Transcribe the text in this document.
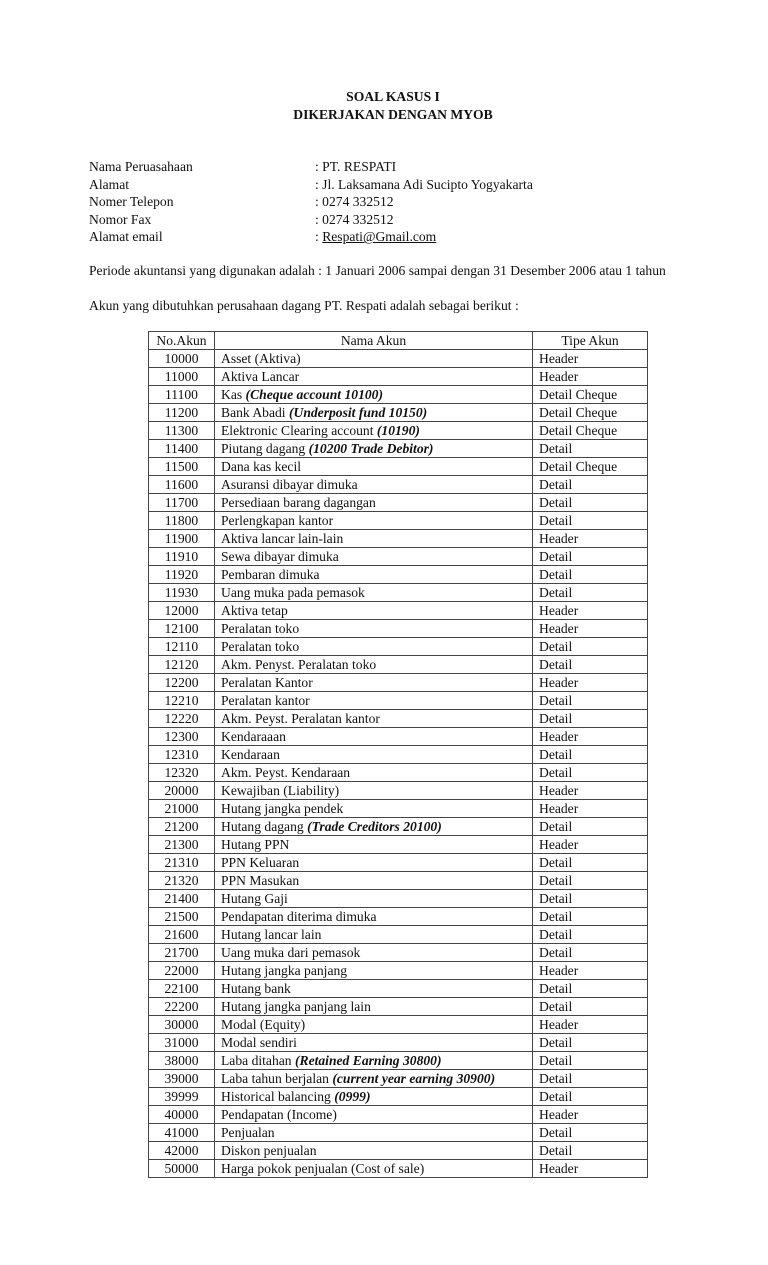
SOAL KASUS I
DIKERJAKAN DENGAN MYOB
Nama Peruasahaan	: PT. RESPATI
Alamat	: Jl. Laksamana Adi Sucipto Yogyakarta
Nomer Telepon	: 0274 332512
Nomor Fax	: 0274 332512
Alamat email	: Respati@Gmail.com
Periode akuntansi yang digunakan adalah : 1 Januari 2006 sampai dengan 31 Desember 2006 atau 1 tahun
Akun yang dibutuhkan perusahaan dagang PT. Respati adalah sebagai berikut :
No.Akun	Nama Akun	Tipe Akun
10000	Asset (Aktiva)	Header
11000	Aktiva Lancar	Header
11100	Kas (Cheque account 10100)	Detail Cheque
11200	Bank Abadi (Underposit fund 10150)	Detail Cheque
11300	Elektronic Clearing account (10190)	Detail Cheque
11400	Piutang dagang (10200 Trade Debitor)	Detail
11500	Dana kas kecil	Detail Cheque
11600	Asuransi dibayar dimuka	Detail
11700	Persediaan barang dagangan	Detail
11800	Perlengkapan kantor	Detail
11900	Aktiva lancar lain-lain	Header
11910	Sewa dibayar dimuka	Detail
11920	Pembaran dimuka	Detail
11930	Uang muka pada pemasok	Detail
12000	Aktiva tetap	Header
12100	Peralatan toko	Header
12110	Peralatan toko	Detail
12120	Akm. Penyst. Peralatan toko	Detail
12200	Peralatan Kantor	Header
12210	Peralatan kantor	Detail
12220	Akm. Peyst. Peralatan kantor	Detail
12300	Kendaraaan	Header
12310	Kendaraan	Detail
12320	Akm. Peyst. Kendaraan	Detail
20000	Kewajiban (Liability)	Header
21000	Hutang jangka pendek	Header
21200	Hutang dagang (Trade Creditors 20100)	Detail
21300	Hutang PPN	Header
21310	PPN Keluaran	Detail
21320	PPN Masukan	Detail
21400	Hutang Gaji	Detail
21500	Pendapatan diterima dimuka	Detail
21600	Hutang lancar lain	Detail
21700	Uang muka dari pemasok	Detail
22000	Hutang jangka panjang	Header
22100	Hutang bank	Detail
22200	Hutang jangka panjang lain	Detail
30000	Modal (Equity)	Header
31000	Modal sendiri	Detail
38000	Laba ditahan (Retained Earning 30800)	Detail
39000	Laba tahun berjalan (current year earning 30900)	Detail
39999	Historical balancing (0999)	Detail
40000	Pendapatan (Income)	Header
41000	Penjualan	Detail
42000	Diskon penjualan	Detail
50000	Harga pokok penjualan (Cost of sale)	Header
